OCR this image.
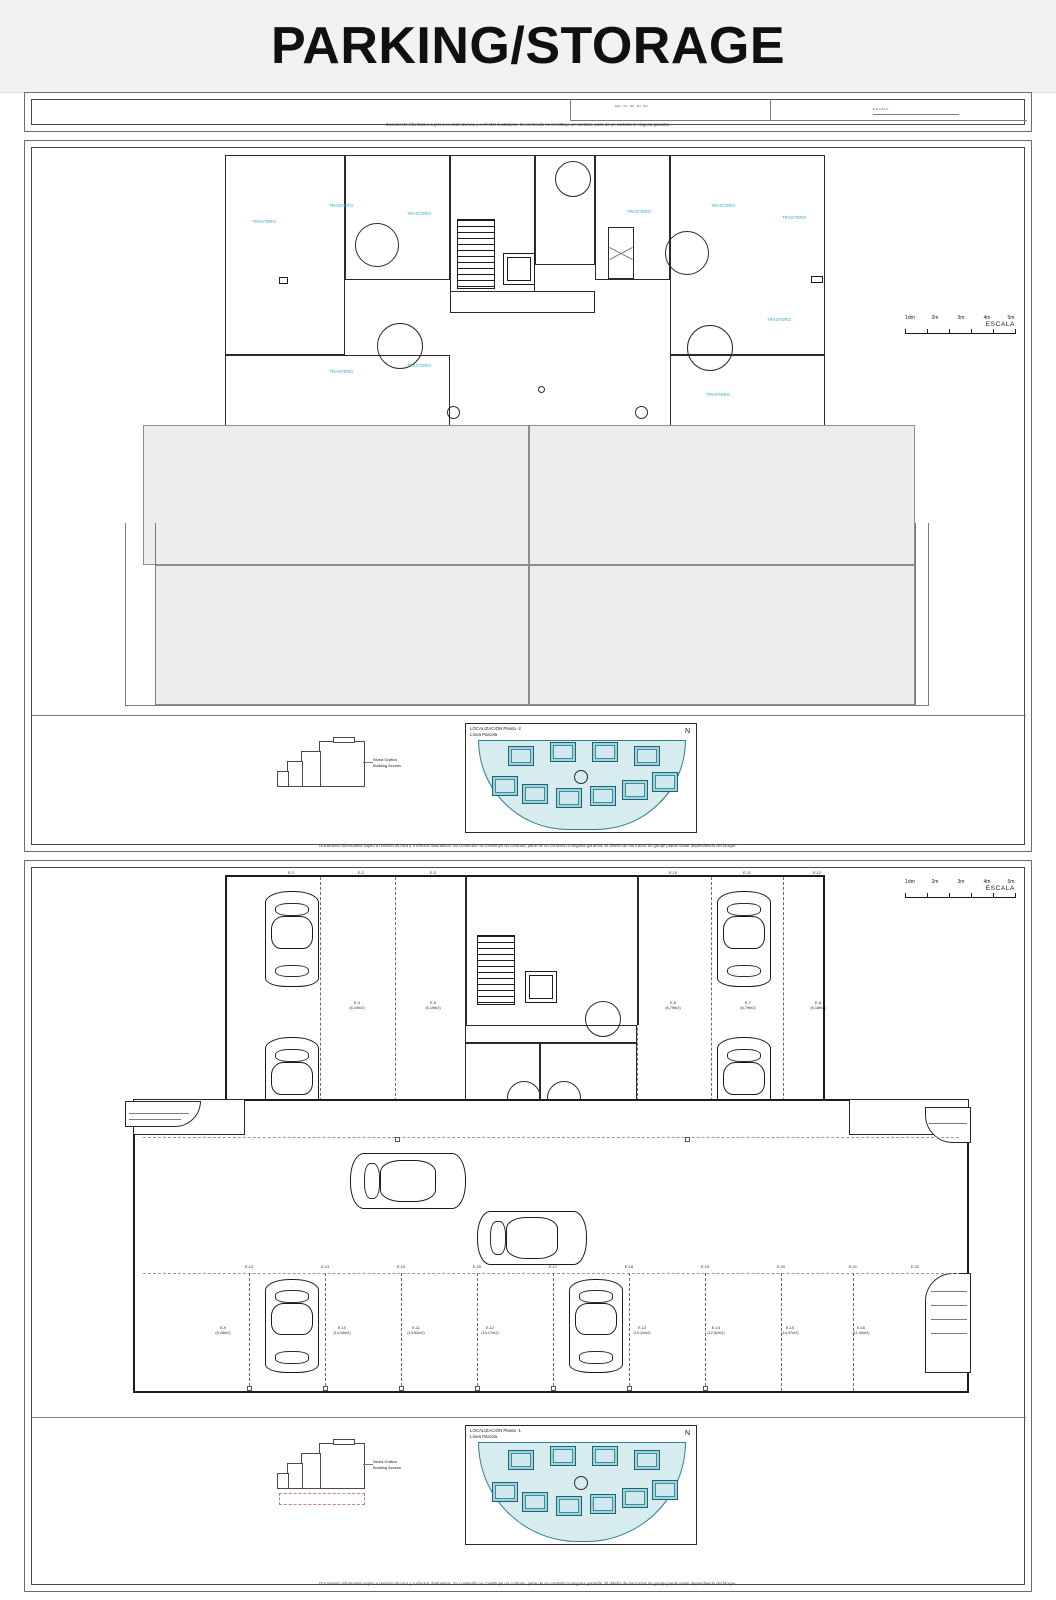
PARKING/STORAGE
1dm   2m   3m   4m   5m
E S C A L A
Documento informativo sujeto a revisión técnica y a efectos ilustrativos. Su contenido no constituye un contrato, parte de un contrato ni ninguna garantía.
ESCALA
1dm	2m	3m	4m	5m
TRASTERO
TRASTERO
TRASTERO	TRASTERO
TRASTERO
TRASTERO
TRASTERO
TRASTERO
TRASTERO
TRASTERO
Nivea Gráfico
Building Access
LOCALIZACIÓN Planta -2
Línea Parcela	N
Documento informativo sujeto a revisión técnica y a efectos ilustrativos. Su contenido no constituye un contrato, parte de un contrato ni ninguna garantía. El diseño de los trazos de garaje puede variar dependiendo del bloque.
ESCALA
1dm	2m	3m	4m	5m
E-1	E-2	E-3	E-10	E-11	E-12
E-4
(6,19m2)
E-5
(6,19m2)
E-6
(6,79m2)
E-7
(6,79m2)
E-8
(6,18m2)
E-13	E-14	E-15	E-16	E-17	E-18	E-19	E-20	E-21	E-22
E-9
(5,28m2)
E-10
(14,34m2)
E-11
(13,52m2)
E-12
(13,17m2)
E-13
(13,11m2)
E-14
(12,62m2)
E-15
(14,37m2)
E-16
(11,40m2)
Nivea Gráfico
Building Access
LOCALIZACIÓN Planta -1
Línea Parcela	N
Documento informativo sujeto a revisión técnica y a efectos ilustrativos. Su contenido no constituye un contrato, parte de un contrato ni ninguna garantía. El diseño de los trazos de garaje puede variar dependiendo del bloque.
